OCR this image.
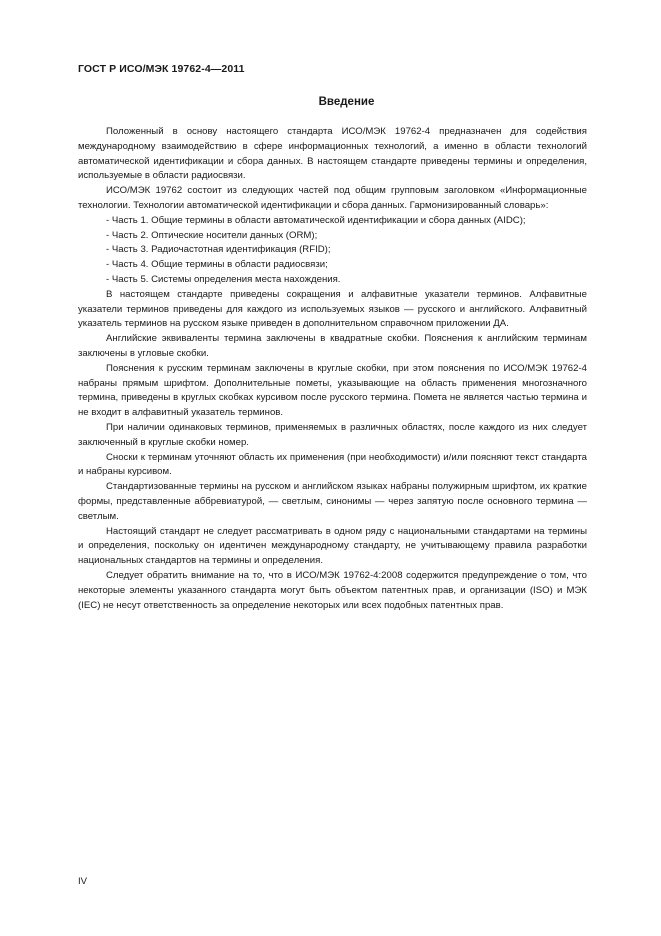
ГОСТ Р ИСО/МЭК 19762-4—2011
Введение

Положенный в основу настоящего стандарта ИСО/МЭК 19762-4 предназначен для содействия международному взаимодействию в сфере информационных технологий, а именно в области технологий автоматической идентификации и сбора данных. В настоящем стандарте приведены термины и определения, используемые в области радиосвязи.

ИСО/МЭК 19762 состоит из следующих частей под общим групповым заголовком «Информационные технологии. Технологии автоматической идентификации и сбора данных. Гармонизированный словарь»:

- Часть 1. Общие термины в области автоматической идентификации и сбора данных (AIDC);

- Часть 2. Оптические носители данных (ORM);

- Часть 3. Радиочастотная идентификация (RFID);

- Часть 4. Общие термины в области радиосвязи;

- Часть 5. Системы определения места нахождения.

В настоящем стандарте приведены сокращения и алфавитные указатели терминов. Алфавитные указатели терминов приведены для каждого из используемых языков — русского и английского. Алфавитный указатель терминов на русском языке приведен в дополнительном справочном приложении ДА.

Английские эквиваленты термина заключены в квадратные скобки. Пояснения к английским терминам заключены в угловые скобки.

Пояснения к русским терминам заключены в круглые скобки, при этом пояснения по ИСО/МЭК 19762-4 набраны прямым шрифтом. Дополнительные пометы, указывающие на область применения многозначного термина, приведены в круглых скобках курсивом после русского термина. Помета не является частью термина и не входит в алфавитный указатель терминов.

При наличии одинаковых терминов, применяемых в различных областях, после каждого из них следует заключенный в круглые скобки номер.

Сноски к терминам уточняют область их применения (при необходимости) и/или поясняют текст стандарта и набраны курсивом.

Стандартизованные термины на русском и английском языках набраны полужирным шрифтом, их краткие формы, представленные аббревиатурой, — светлым, синонимы — через запятую после основного термина — светлым.

Настоящий стандарт не следует рассматривать в одном ряду с национальными стандартами на термины и определения, поскольку он идентичен международному стандарту, не учитывающему правила разработки национальных стандартов на термины и определения.

Следует обратить внимание на то, что в ИСО/МЭК 19762-4:2008 содержится предупреждение о том, что некоторые элементы указанного стандарта могут быть объектом патентных прав, и организации (ISO) и МЭК (IEC) не несут ответственность за определение некоторых или всех подобных патентных прав.

IV
